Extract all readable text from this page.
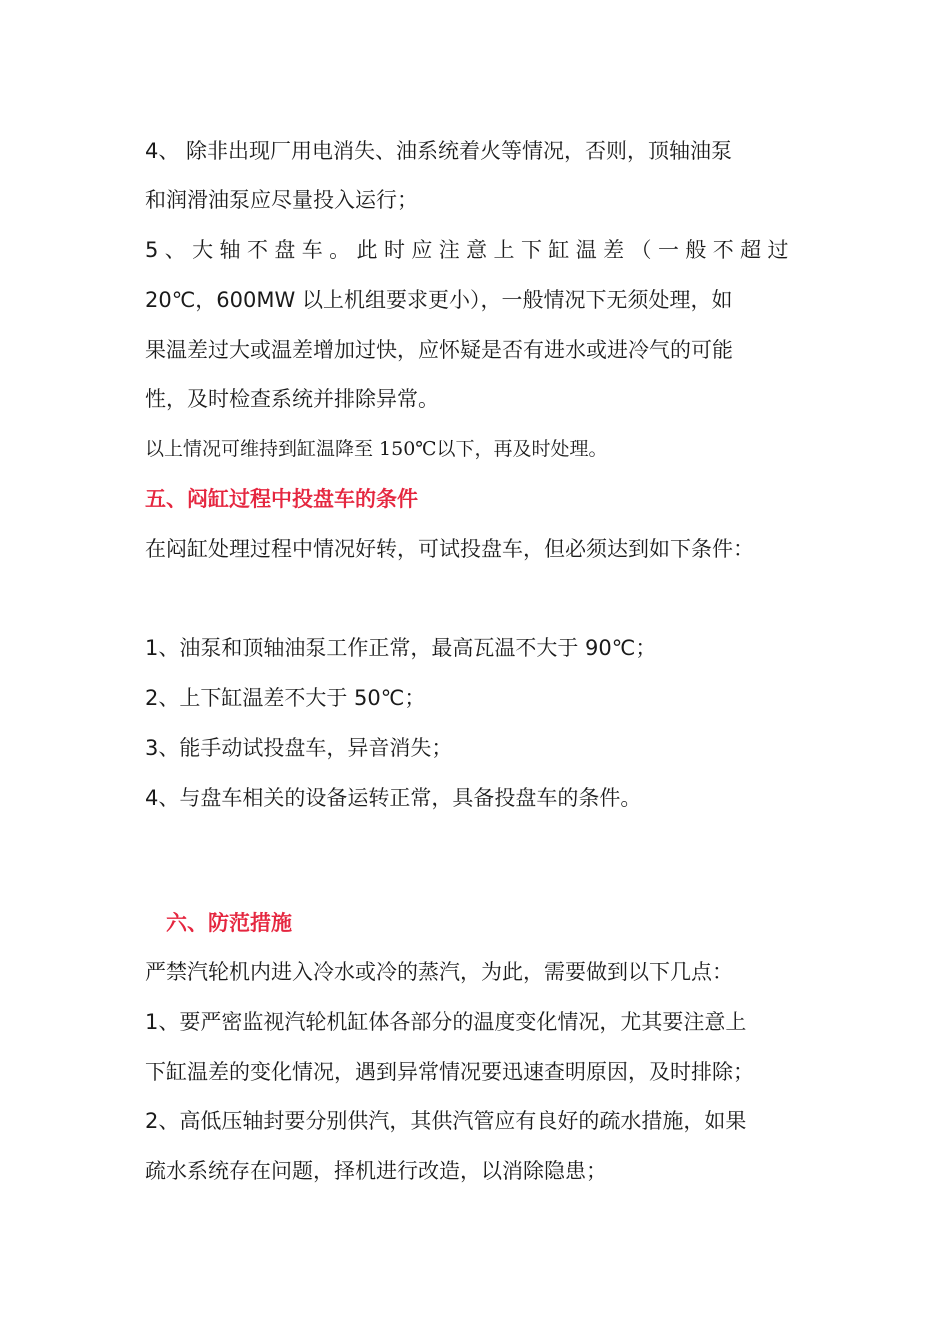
4、 除非出现厂用电消失、油系统着火等情况，否则，顶轴油泵
和润滑油泵应尽量投入运行；
5、大轴不盘车。此时应注意上下缸温差（一般不超过
20℃，600MW 以上机组要求更小），一般情况下无须处理，如
果温差过大或温差增加过快，应怀疑是否有进水或进冷气的可能
性，及时检查系统并排除异常。
以上情况可维持到缸温降至 150℃以下，再及时处理。
五、闷缸过程中投盘车的条件
在闷缸处理过程中情况好转，可试投盘车，但必须达到如下条件：
1、油泵和顶轴油泵工作正常，最高瓦温不大于 90℃；
2、上下缸温差不大于 50℃；
3、能手动试投盘车，异音消失；
4、与盘车相关的设备运转正常，具备投盘车的条件。
六、防范措施
严禁汽轮机内进入冷水或冷的蒸汽，为此，需要做到以下几点：
1、要严密监视汽轮机缸体各部分的温度变化情况，尤其要注意上
下缸温差的变化情况，遇到异常情况要迅速查明原因，及时排除；
2、高低压轴封要分别供汽，其供汽管应有良好的疏水措施，如果
疏水系统存在问题，择机进行改造，以消除隐患；
